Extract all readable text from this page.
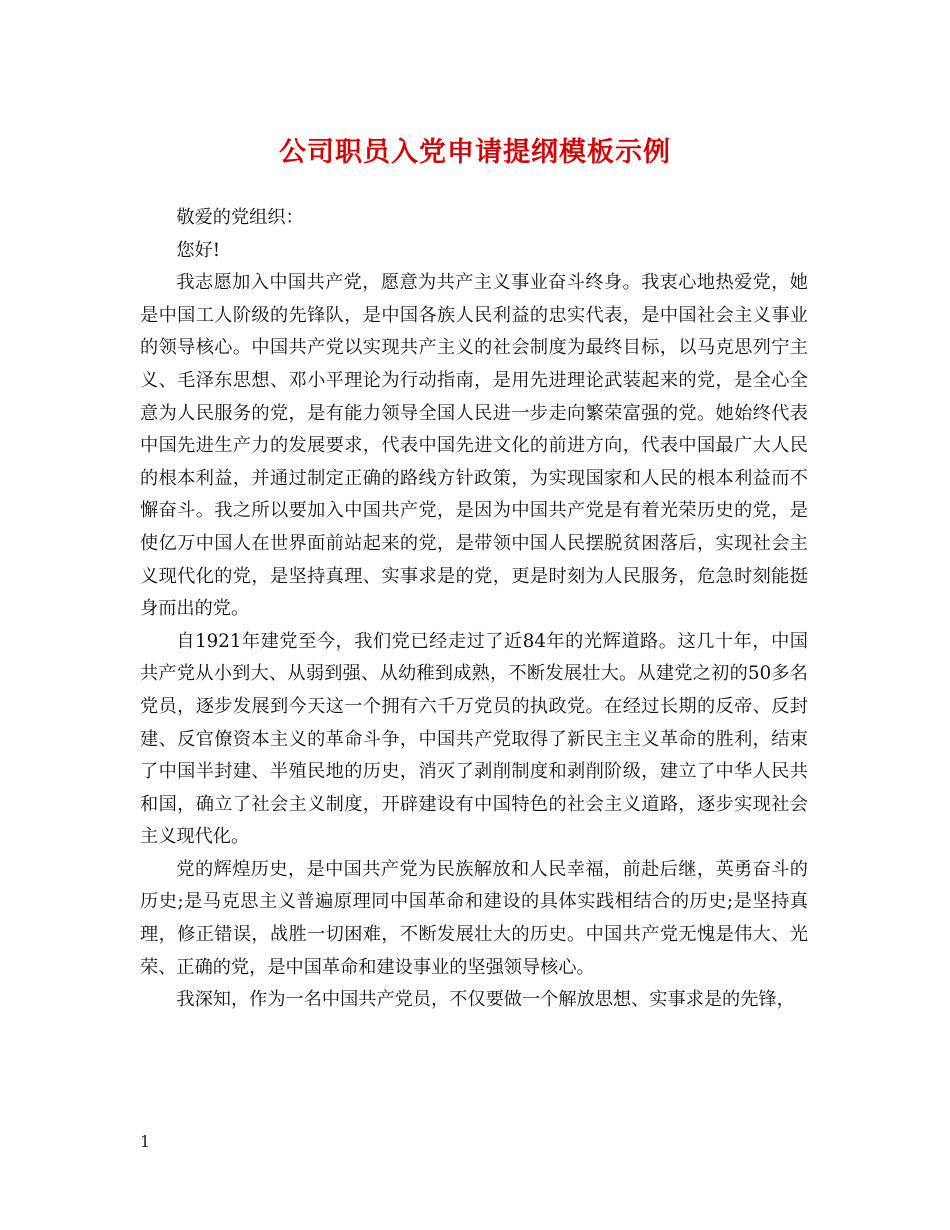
公司职员入党申请提纲模板示例

敬爱的党组织：

您好!

我志愿加入中国共产党，愿意为共产主义事业奋斗终身。我衷心地热爱党，她是中国工人阶级的先锋队，是中国各族人民利益的忠实代表，是中国社会主义事业的领导核心。中国共产党以实现共产主义的社会制度为最终目标，以马克思列宁主义、毛泽东思想、邓小平理论为行动指南，是用先进理论武装起来的党，是全心全意为人民服务的党，是有能力领导全国人民进一步走向繁荣富强的党。她始终代表中国先进生产力的发展要求，代表中国先进文化的前进方向，代表中国最广大人民的根本利益，并通过制定正确的路线方针政策，为实现国家和人民的根本利益而不懈奋斗。我之所以要加入中国共产党，是因为中国共产党是有着光荣历史的党，是使亿万中国人在世界面前站起来的党，是带领中国人民摆脱贫困落后，实现社会主义现代化的党，是坚持真理、实事求是的党，更是时刻为人民服务，危急时刻能挺身而出的党。

自1921年建党至今，我们党已经走过了近84年的光辉道路。这几十年，中国共产党从小到大、从弱到强、从幼稚到成熟，不断发展壮大。从建党之初的50多名党员，逐步发展到今天这一个拥有六千万党员的执政党。在经过长期的反帝、反封建、反官僚资本主义的革命斗争，中国共产党取得了新民主主义革命的胜利，结束了中国半封建、半殖民地的历史，消灭了剥削制度和剥削阶级，建立了中华人民共和国，确立了社会主义制度，开辟建设有中国特色的社会主义道路，逐步实现社会主义现代化。

党的辉煌历史，是中国共产党为民族解放和人民幸福，前赴后继，英勇奋斗的历史;是马克思主义普遍原理同中国革命和建设的具体实践相结合的历史;是坚持真理，修正错误，战胜一切困难，不断发展壮大的历史。中国共产党无愧是伟大、光荣、正确的党，是中国革命和建设事业的坚强领导核心。

我深知，作为一名中国共产党员，不仅要做一个解放思想、实事求是的先锋，

1
